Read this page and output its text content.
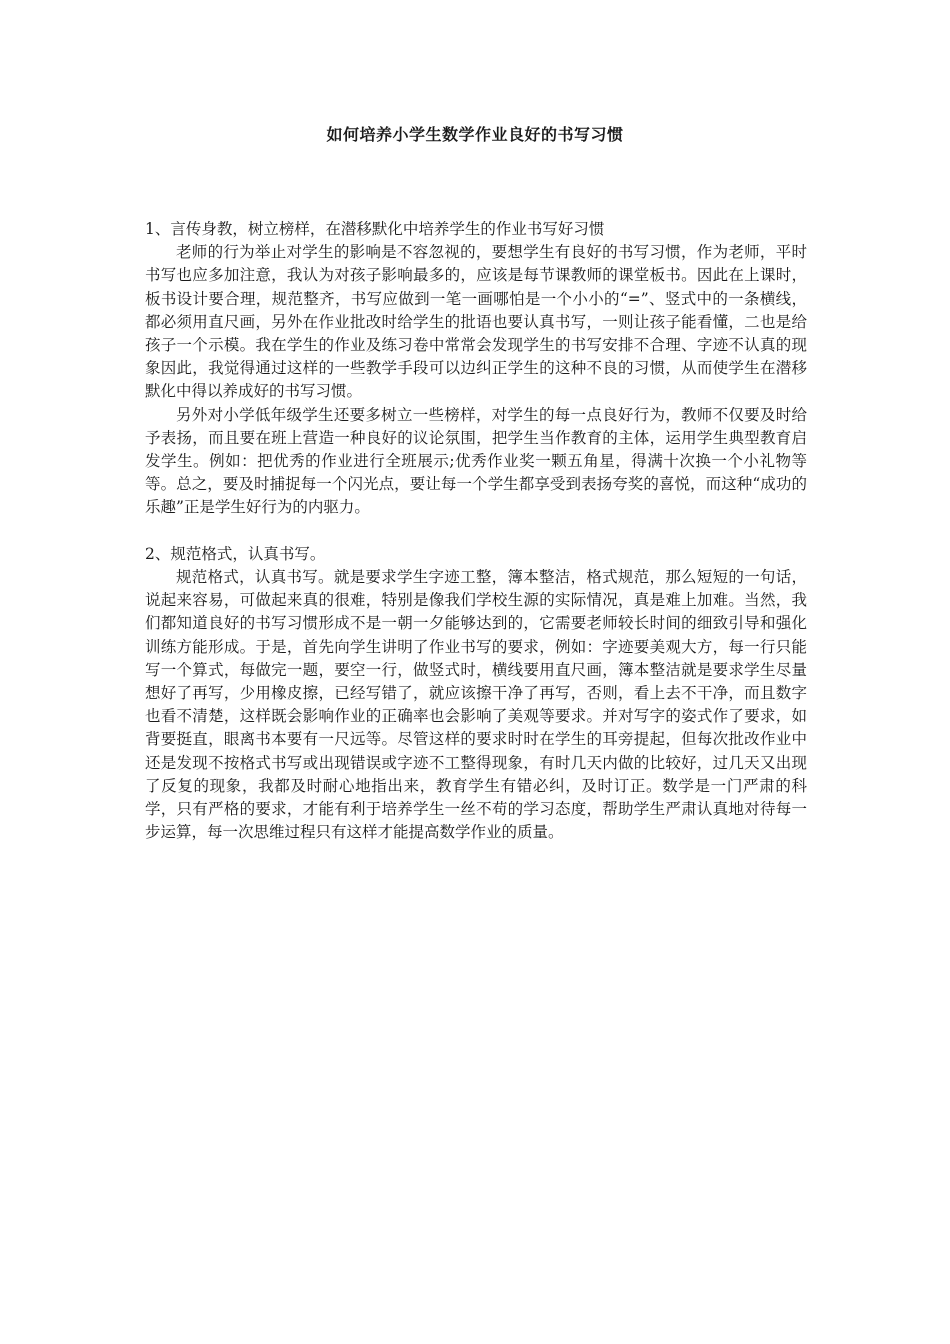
如何培养小学生数学作业良好的书写习惯

1、言传身教，树立榜样，在潜移默化中培养学生的作业书写好习惯

老师的行为举止对学生的影响是不容忽视的，要想学生有良好的书写习惯，作为老师，平时书写也应多加注意，我认为对孩子影响最多的，应该是每节课教师的课堂板书。因此在上课时，板书设计要合理，规范整齐，书写应做到一笔一画哪怕是一个小小的“=”、竖式中的一条横线，都必须用直尺画，另外在作业批改时给学生的批语也要认真书写，一则让孩子能看懂，二也是给孩子一个示模。我在学生的作业及练习卷中常常会发现学生的书写安排不合理、字迹不认真的现象因此，我觉得通过这样的一些教学手段可以边纠正学生的这种不良的习惯，从而使学生在潜移默化中得以养成好的书写习惯。

另外对小学低年级学生还要多树立一些榜样，对学生的每一点良好行为，教师不仅要及时给予表扬，而且要在班上营造一种良好的议论氛围，把学生当作教育的主体，运用学生典型教育启发学生。例如：把优秀的作业进行全班展示;优秀作业奖一颗五角星，得满十次换一个小礼物等等。总之，要及时捕捉每一个闪光点，要让每一个学生都享受到表扬夸奖的喜悦，而这种“成功的乐趣”正是学生好行为的内驱力。

2、规范格式，认真书写。

规范格式，认真书写。就是要求学生字迹工整，簿本整洁，格式规范，那么短短的一句话，说起来容易，可做起来真的很难，特别是像我们学校生源的实际情况，真是难上加难。当然，我们都知道良好的书写习惯形成不是一朝一夕能够达到的，它需要老师较长时间的细致引导和强化训练方能形成。于是，首先向学生讲明了作业书写的要求，例如：字迹要美观大方，每一行只能写一个算式，每做完一题，要空一行，做竖式时，横线要用直尺画，簿本整洁就是要求学生尽量想好了再写，少用橡皮擦，已经写错了，就应该擦干净了再写，否则，看上去不干净，而且数字也看不清楚，这样既会影响作业的正确率也会影响了美观等要求。并对写字的姿式作了要求，如背要挺直，眼离书本要有一尺远等。尽管这样的要求时时在学生的耳旁提起，但每次批改作业中还是发现不按格式书写或出现错误或字迹不工整得现象，有时几天内做的比较好，过几天又出现了反复的现象，我都及时耐心地指出来，教育学生有错必纠，及时订正。数学是一门严肃的科学，只有严格的要求，才能有利于培养学生一丝不苟的学习态度，帮助学生严肃认真地对待每一步运算，每一次思维过程只有这样才能提高数学作业的质量。
